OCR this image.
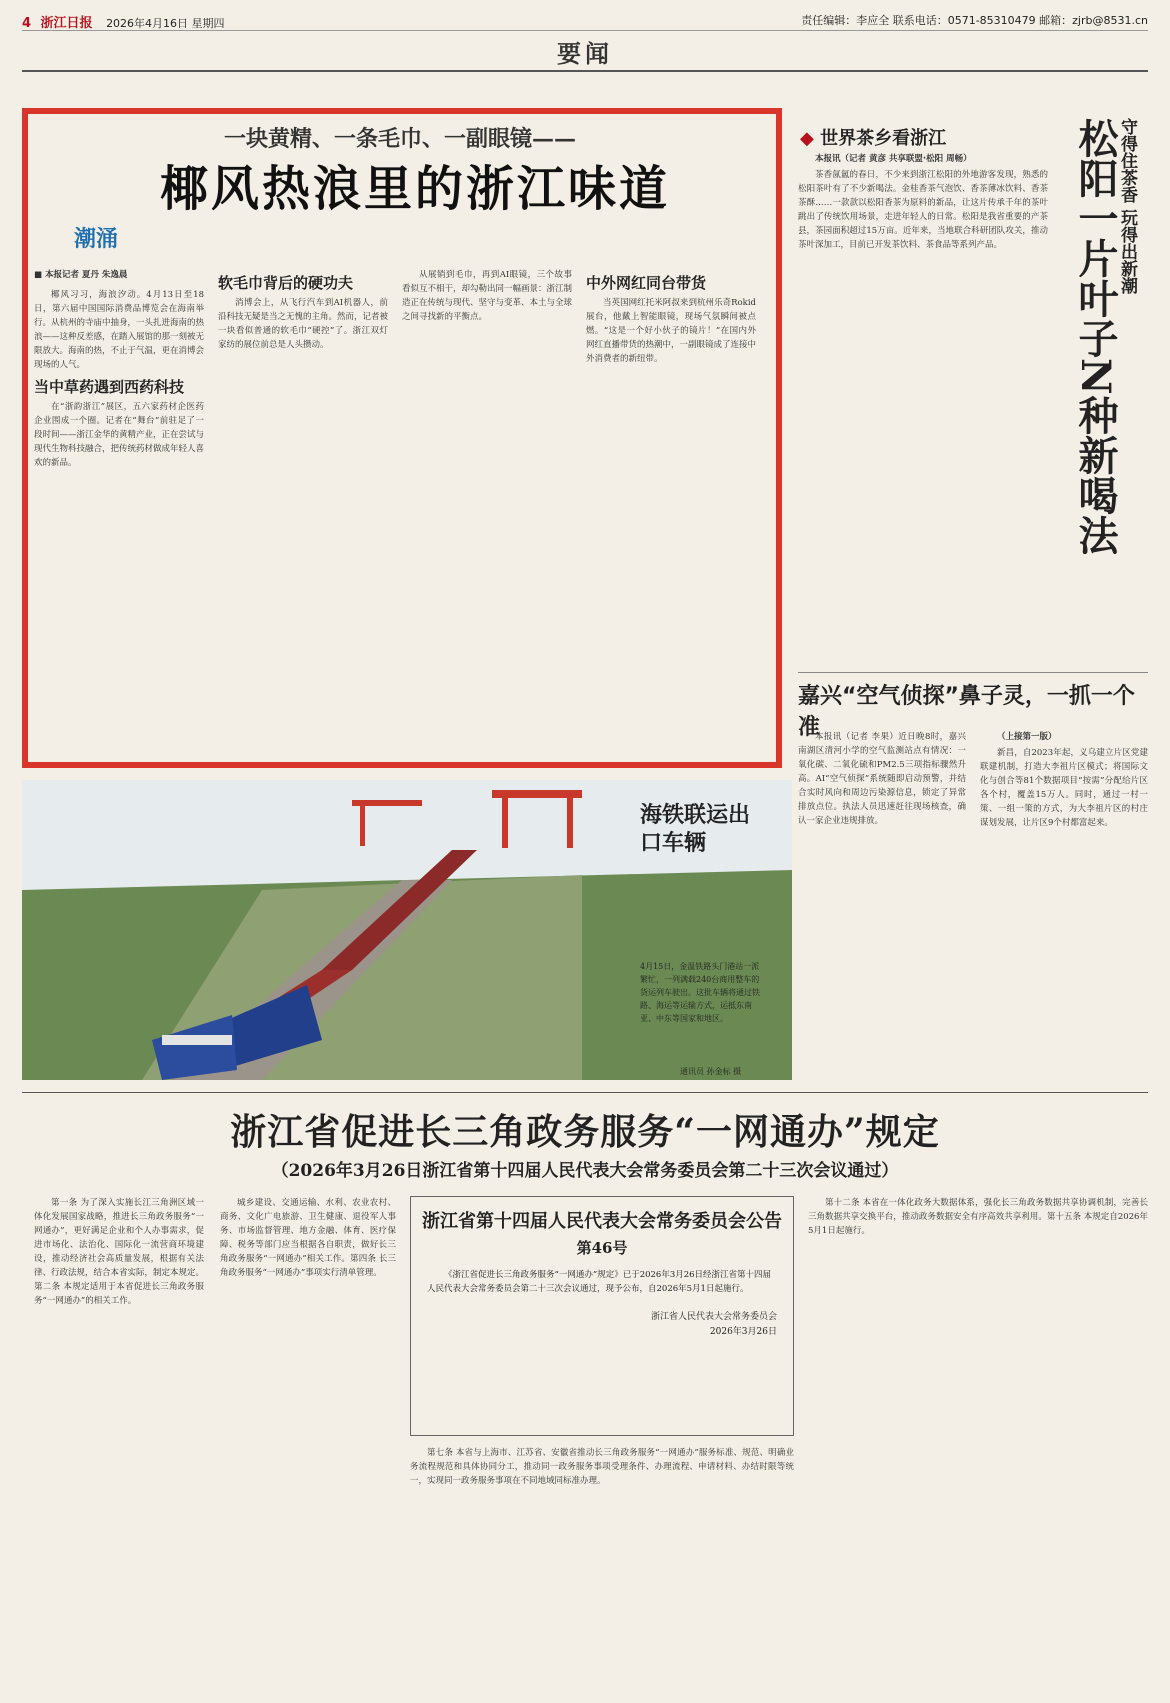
4 浙江日报 2026年4月16日 星期四	责任编辑：李应全 联系电话：0571-85310479 邮箱：zjrb@8531.cn
要闻
一块黄精、一条毛巾、一副眼镜——
椰风热浪里的浙江味道
潮涌
■ 本报记者 夏丹 朱逸晨

椰风习习，海浪汐动。4月13日至18日，第六届中国国际消费品博览会在海南举行。从杭州的寺庙中抽身，一头扎进海南的热浪——这种反差感，在踏入展馆的那一刻被无限放大。海南的热，不止于气温，更在消博会现场的人气。

当中草药遇到西药科技

在“浙韵浙江”展区，五六家药材企医药企业围成一个圈。记者在“舞台”前驻足了一段时间——浙江金华的黄精产业，正在尝试与现代生物科技融合，把传统药材做成年轻人喜欢的新品。

软毛巾背后的硬功夫

消博会上，从飞行汽车到AI机器人，前沿科技无疑是当之无愧的主角。然而，记者被一块看似普通的软毛巾“硬控”了。浙江双灯家纺的展位前总是人头攒动。

从展销到毛巾，再到AI眼镜，三个故事看似互不相干，却勾勒出同一幅画景：浙江制造正在传统与现代、坚守与变革、本土与全球之间寻找新的平衡点。

中外网红同台带货

当英国网红托米阿叔来到杭州乐奇Rokid展台，他戴上智能眼镜，现场气氛瞬间被点燃。“这是一个好小伙子的镜片！”在国内外网红直播带货的热潮中，一副眼镜成了连接中外消费者的新纽带。

◆ 世界茶乡看浙江	守得住茶香 玩得出新潮
松阳一片叶子N种新喝法

本报讯（记者 黄彦 共享联盟·松阳 周畅）

茶香氤氲的春日，不少来到浙江松阳的外地游客发现，熟悉的松阳茶叶有了不少新喝法。金桂香茶气泡饮、香茶薄冰饮料、香茶茶酥……一款款以松阳香茶为原料的新品，让这片传承千年的茶叶跳出了传统饮用场景，走进年轻人的日常。松阳是我省重要的产茶县，茶园面积超过15万亩。近年来，当地联合科研团队攻关，推动茶叶深加工，目前已开发茶饮料、茶食品等系列产品。

嘉兴“空气侦探”鼻子灵，一抓一个准

本报讯（记者 李果）近日晚8时，嘉兴南湖区清河小学的空气监测站点有情况：一氧化碳、二氧化硫和PM2.5三项指标骤然升高。AI“空气侦探”系统随即启动预警，并结合实时风向和周边污染源信息，锁定了异常排放点位。执法人员迅速赶往现场核查，确认一家企业违规排放。

（上接第一版）

新昌，自2023年起，义乌建立片区党建联建机制，打造大李祖片区模式；将国际文化与创合等81个数据项目“按需”分配给片区各个村，覆盖15万人。同时，通过一村一策、一组一策的方式，为大李祖片区的村庄谋划发展，让片区9个村都富起来。

海铁联运出口车辆
4月15日，金温铁路头门港站一派繁忙，一列满载240台商用整车的货运列车驶出。这批车辆将通过铁路、海运等运输方式，运抵东南亚、中东等国家和地区。
通讯员 孙金标 摄
浙江省促进长三角政务服务“一网通办”规定
（2026年3月26日浙江省第十四届人民代表大会常务委员会第二十三次会议通过）

第一条 为了深入实施长江三角洲区域一体化发展国家战略，推进长三角政务服务“一网通办”，更好满足企业和个人办事需求，促进市场化、法治化、国际化一流营商环境建设，推动经济社会高质量发展，根据有关法律、行政法规，结合本省实际，制定本规定。第二条 本规定适用于本省促进长三角政务服务“一网通办”的相关工作。

城乡建设、交通运输、水利、农业农村、商务、文化广电旅游、卫生健康、退役军人事务、市场监督管理、地方金融、体育、医疗保障、税务等部门应当根据各自职责，做好长三角政务服务“一网通办”相关工作。第四条 长三角政务服务“一网通办”事项实行清单管理。

浙江省第十四届人民代表大会常务委员会公告
第46号
《浙江省促进长三角政务服务“一网通办”规定》已于2026年3月26日经浙江省第十四届人民代表大会常务委员会第二十三次会议通过，现予公布，自2026年5月1日起施行。
浙江省人民代表大会常务委员会
2026年3月26日

第七条 本省与上海市、江苏省、安徽省推动长三角政务服务“一网通办”服务标准、规范、明确业务流程规范和具体协同分工，推动同一政务服务事项受理条件、办理流程、申请材料、办结时限等统一，实现同一政务服务事项在不同地域同标准办理。

第十二条 本省在一体化政务大数据体系，强化长三角政务数据共享协调机制，完善长三角数据共享交换平台，推动政务数据安全有序高效共享利用。第十五条 本规定自2026年5月1日起施行。
